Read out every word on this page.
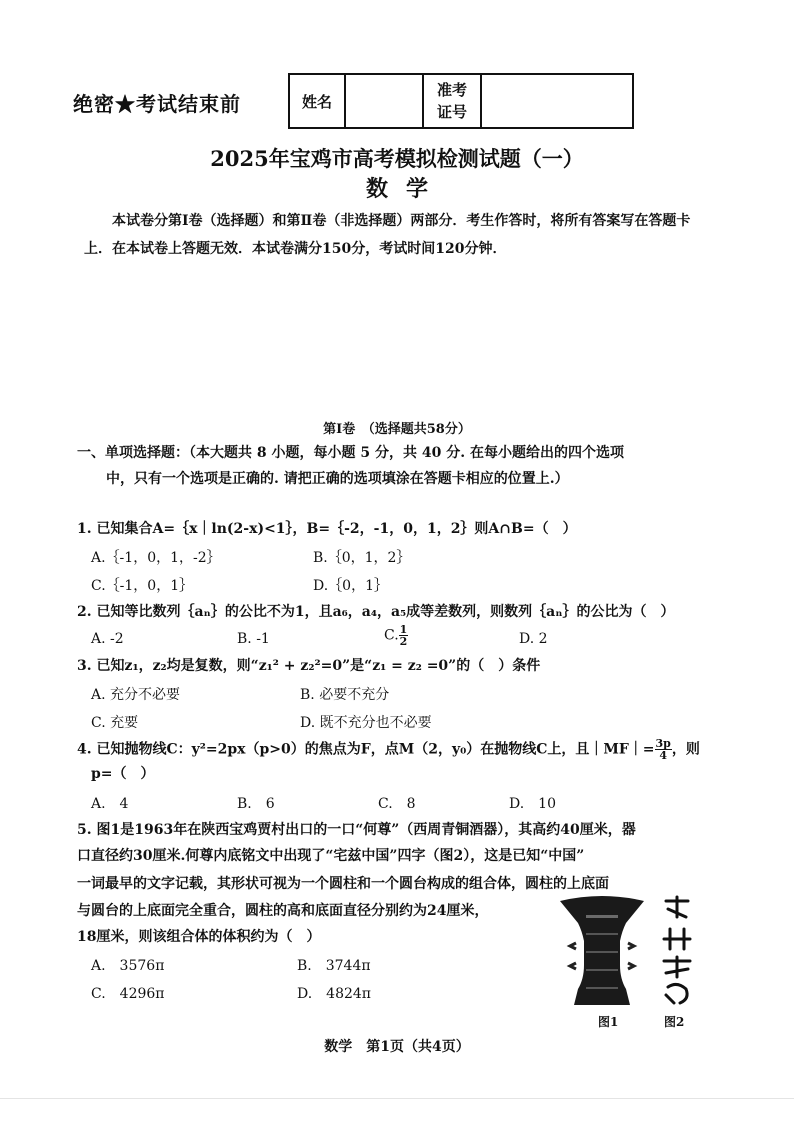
绝密★考试结束前	姓名		
准考
证号

2025年宝鸡市高考模拟检测试题（一）
数学
本试卷分第Ⅰ卷（选择题）和第Ⅱ卷（非选择题）两部分．考生作答时，将所有答案写在答题卡上．在本试卷上答题无效．本试卷满分150分，考试时间120分钟．
第Ⅰ卷　（选择题共58分）
一、单项选择题：（本大题共 8 小题，每小题 5 分，共 40 分. 在每小题给出的四个选项
中，只有一个选项是正确的. 请把正确的选项填涂在答题卡相应的位置上.）
1. 已知集合A=｛x｜ln(2-x)<1｝，B=｛-2，-1，0，1，2｝则A∩B=（　）
A.｛-1，0，1，-2｝	B.｛0，1，2｝
C.｛-1，0，1｝	D.｛0，1｝
2. 已知等比数列｛aₙ｝的公比不为1，且a₆，a₄，a₅成等差数列，则数列｛aₙ｝的公比为（　）
A. -2	B. -1	C. $\frac{1}{2}$	D. 2
3. 已知z₁，z₂均是复数，则“z₁² + z₂²=0”是“z₁ = z₂ =0”的（　）条件
A. 充分不必要	B. 必要不充分
C. 充要	D. 既不充分也不必要
4. 已知抛物线C：y²=2px（p>0）的焦点为F，点M（2，y₀）在抛物线C上，且｜MF｜= $\frac{3p}{4}$ ，则
p=（　）
A.　4	B.　6	C.　8	D.　10
5. 图1是1963年在陕西宝鸡贾村出口的一口“何尊”（西周青铜酒器），其高约40厘米，器
口直径约30厘米.何尊内底铭文中出现了“宅兹中国”四字（图2），这是已知“中国”
一词最早的文字记载，其形状可视为一个圆柱和一个圆台构成的组合体，圆柱的上底面
与圆台的上底面完全重合，圆柱的高和底面直径分别约为24厘米，
18厘米，则该组合体的体积约为（　）
A.　3576π	B.　3744π
C.　4296π	D.　4824π
图1	图2
数学　第1页（共4页）
